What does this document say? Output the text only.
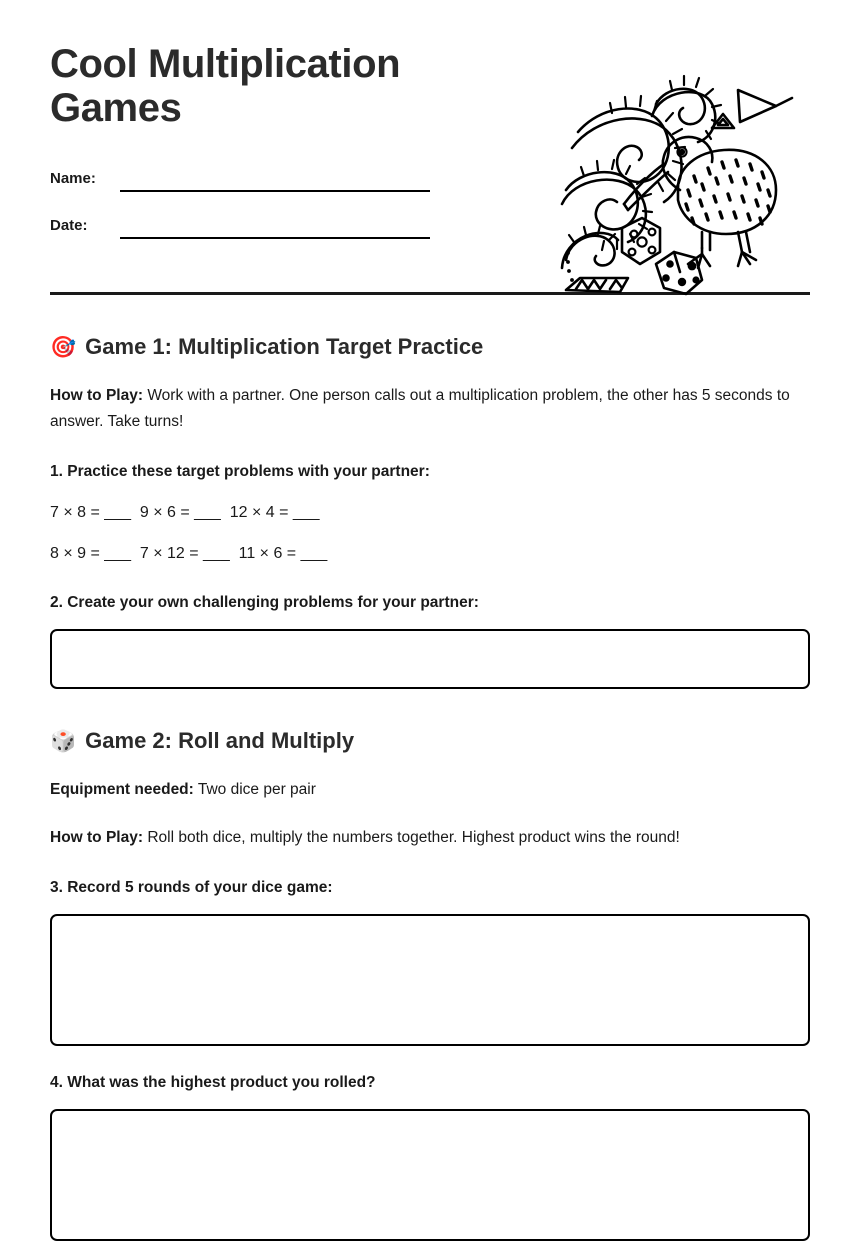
Cool Multiplication Games
Name:
Date:
🎯 Game 1: Multiplication Target Practice

How to Play: Work with a partner. One person calls out a multiplication problem, the other has 5 seconds to answer. Take turns!

1. Practice these target problems with your partner:

7 × 8 = ___  9 × 6 = ___  12 × 4 = ___

8 × 9 = ___  7 × 12 = ___  11 × 6 = ___

2. Create your own challenging problems for your partner:

🎲 Game 2: Roll and Multiply

Equipment needed: Two dice per pair

How to Play: Roll both dice, multiply the numbers together. Highest product wins the round!

3. Record 5 rounds of your dice game:

4. What was the highest product you rolled?
